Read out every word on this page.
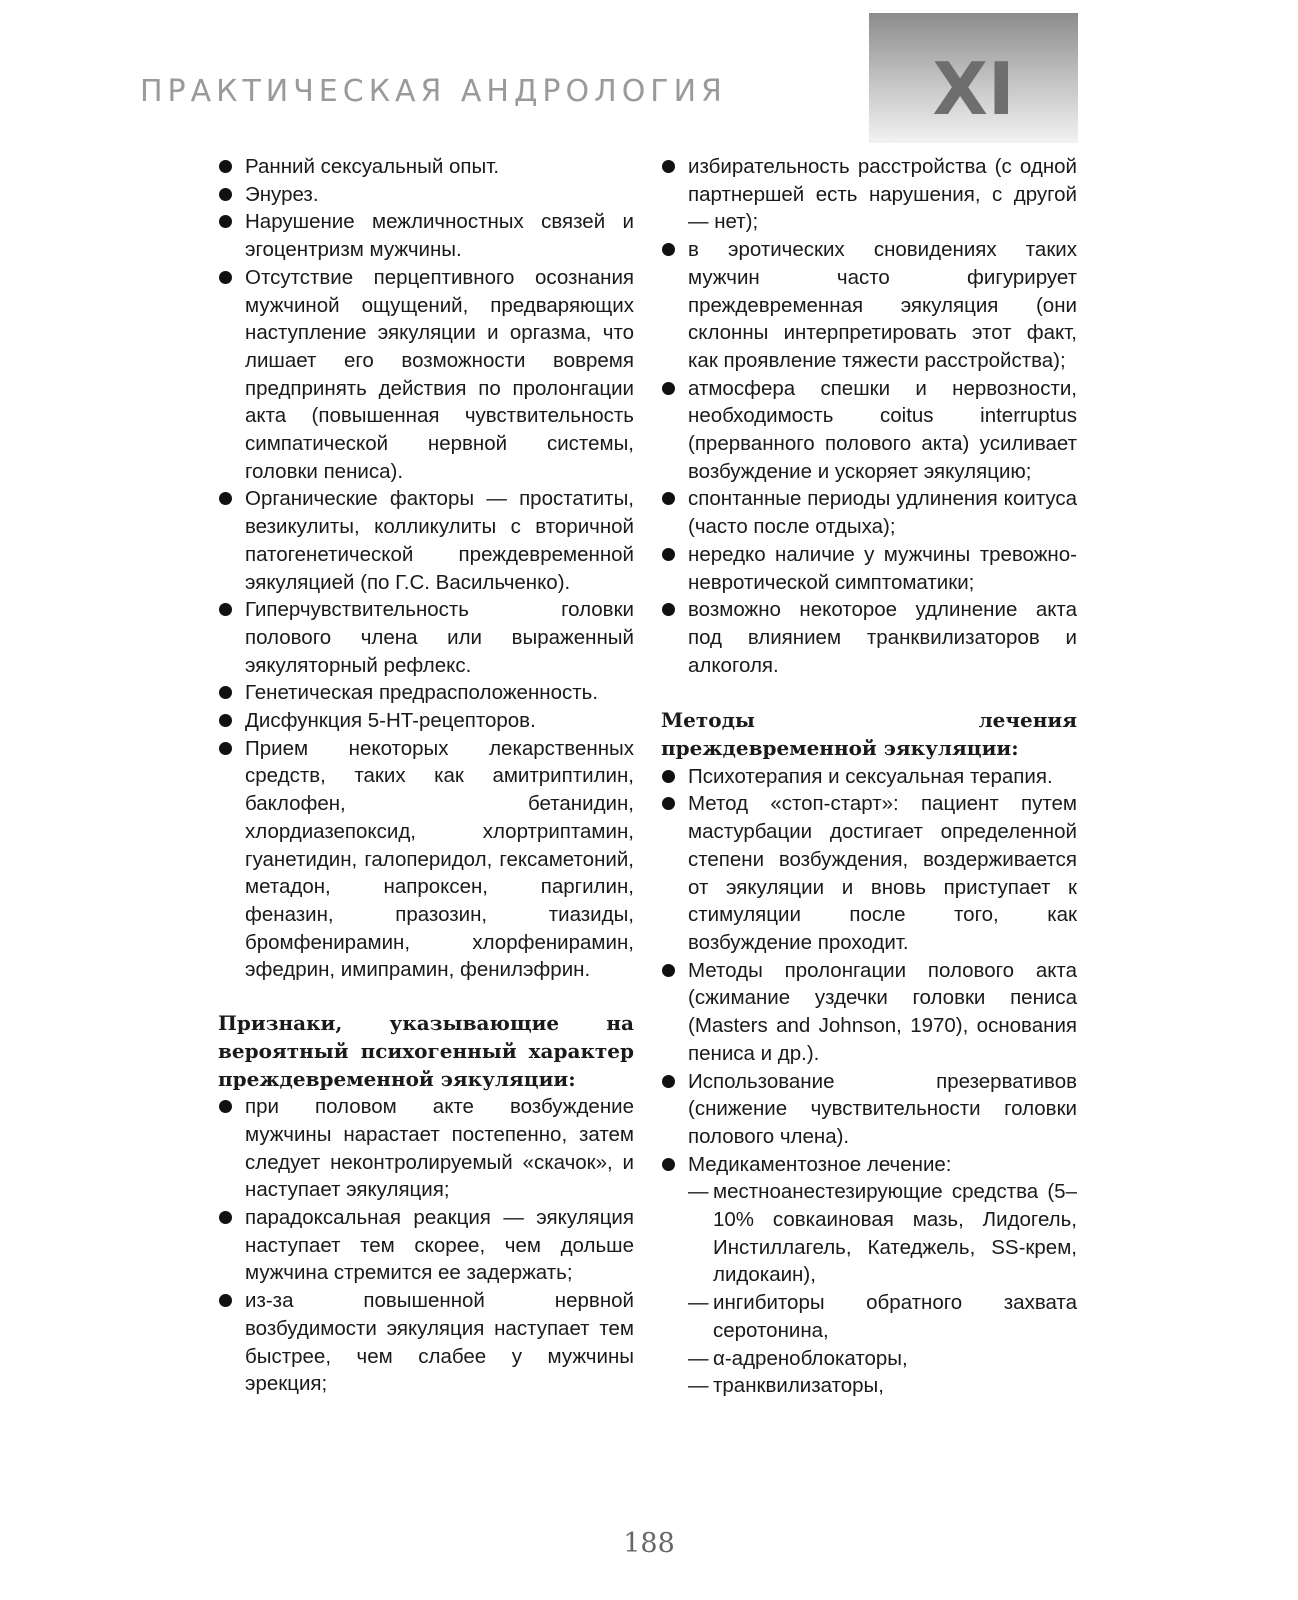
ПРАКТИЧЕСКАЯ АНДРОЛОГИЯ	XI
Ранний сексуальный опыт.
Энурез.
Нарушение межличностных связей и эгоцентризм мужчины.
Отсутствие перцептивного осознания мужчиной ощущений, предваряющих наступление эякуляции и оргазма, что лишает его возможности вовремя предпринять действия по пролонгации акта (повышенная чувствительность симпатической нервной системы, головки пениса).
Органические факторы — простатиты, везикулиты, колликулиты с вторичной патогенетической преждевременной эякуляцией (по Г.С. Васильченко).
Гиперчувствительность головки полового члена или выраженный эякуляторный рефлекс.
Генетическая предрасположенность.
Дисфункция 5-HT-рецепторов.
Прием некоторых лекарственных средств, таких как амитриптилин, баклофен, бетанидин, хлордиазепоксид, хлортриптамин, гуанетидин, галоперидол, гексаметоний, метадон, напроксен, паргилин, феназин, празозин, тиазиды, бромфенирамин, хлорфенирамин, эфедрин, имипрамин, фенилэфрин.

Признаки, указывающие на вероятный психогенный характер преждевременной эякуляции:

при половом акте возбуждение мужчины нарастает постепенно, затем следует неконтролируемый «скачок», и наступает эякуляция;
парадоксальная реакция — эякуляция наступает тем скорее, чем дольше мужчина стремится ее задержать;
из-за повышенной нервной возбудимости эякуляция наступает тем быстрее, чем слабее у мужчины эрекция;
избирательность расстройства (с одной партнершей есть нарушения, с другой — нет);
в эротических сновидениях таких мужчин часто фигурирует преждевременная эякуляция (они склонны интерпретировать этот факт, как проявление тяжести расстройства);
атмосфера спешки и нервозности, необходимость coitus interruptus (прерванного полового акта) усиливает возбуждение и ускоряет эякуляцию;
спонтанные периоды удлинения коитуса (часто после отдыха);
нередко наличие у мужчины тревожно-невротической симптоматики;
возможно некоторое удлинение акта под влиянием транквилизаторов и алкоголя.

Методы лечения преждевременной эякуляции:

Психотерапия и сексуальная терапия.
Метод «стоп-старт»: пациент путем мастурбации достигает определенной степени возбуждения, воздерживается от эякуляции и вновь приступает к стимуляции после того, как возбуждение проходит.
Методы пролонгации полового акта (сжимание уздечки головки пениса (Masters and Johnson, 1970), основания пениса и др.).
Использование презервативов (снижение чувствительности головки полового члена).
Медикаментозное лечение:
— местноанестезирующие средства (5–10% совкаиновая мазь, Лидогель, Инстиллагель, Катеджель, SS-крем, лидокаин),
— ингибиторы обратного захвата серотонина,
— α-адреноблокаторы,
— транквилизаторы,
188
